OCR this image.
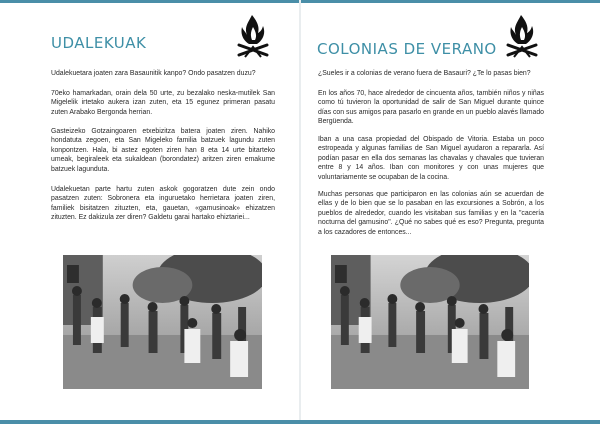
UDALEKUAK

Udalekuetara joaten zara Basaunitik kanpo? Ondo pasatzen duzu?

70eko hamarkadan, orain dela 50 urte, zu bezalako neska-mutilek San Migelelik irtetako aukera izan zuten, eta 15 egunez primeran pasatu zuten Arabako Bergonda herrian.

Gasteizeko Gotzaingoaren etxebizitza batera joaten ziren. Nahiko hondatuta zegoen, eta San Migeleko familia batzuek lagundu zuten konpontzen. Hala, bi astez egoten ziren han 8 eta 14 urte bitarteko umeak, begiraleek eta sukaldean (borondatez) aritzen ziren emakume batzuek lagunduta.

Udalekuetan parte hartu zuten askok gogoratzen dute zein ondo pasatzen zuten: Sobronera eta inguruetako herrietara joaten ziren, familiek bisitatzen zituzten, eta, gauetan, «gamusinoak» ehizatzen zituzten. Ez dakizula zer diren? Galdetu garai hartako ehiztariei...

COLONIAS DE VERANO

¿Sueles ir a colonias de verano fuera de Basauri? ¿Te lo pasas bien?

En los años 70, hace alrededor de cincuenta años, también niños y niñas como tú tuvieron la oportunidad de salir de San Miguel durante quince días con sus amigos para pasarlo en grande en un pueblo alavés llamado Bergüenda.

Iban a una casa propiedad del Obispado de Vitoria. Estaba un poco estropeada y algunas familias de San Miguel ayudaron a repararla. Así podían pasar en ella dos semanas las chavalas y chavales que tuvieran entre 8 y 14 años. Iban con monitores y con unas mujeres que voluntariamente se ocupaban de la cocina.

Muchas personas que participaron en las colonias aún se acuerdan de ellas y de lo bien que se lo pasaban en las excursiones a Sobrón, a los pueblos de alrededor, cuando les visitaban sus familias y en la "cacería nocturna del gamusino". ¿Qué no sabes qué es eso? Pregunta, pregunta a los cazadores de entonces...
